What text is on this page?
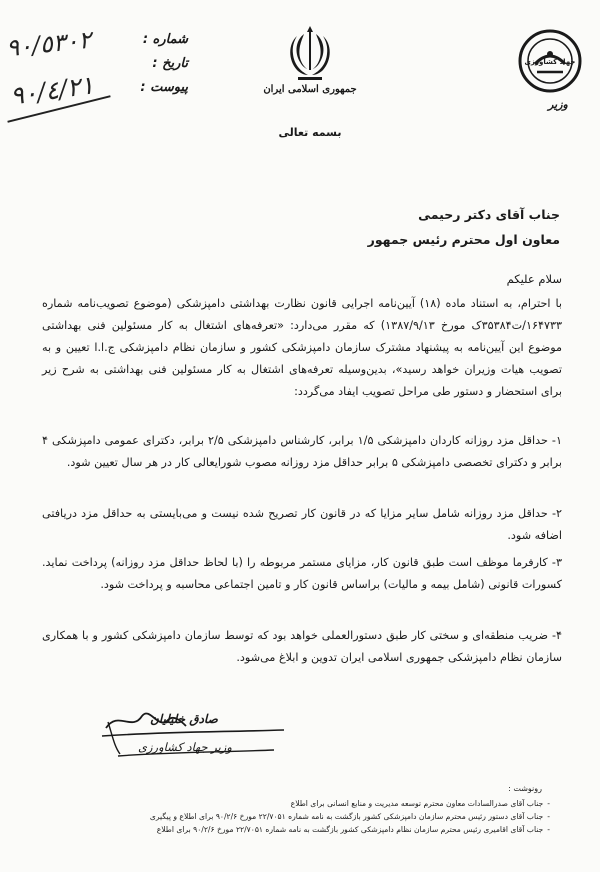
٩٠/٥٣٠٢
٩٠/٤/٢١
شماره :
تاریخ :
پیوست :	جمهوری اسلامی ایران
بسمه تعالی
جهاد کشاورزی
وزیر
جناب آقای دکتر رحیمی
معاون اول محترم رئیس جمهور
سلام علیکم
با احترام، به استناد ماده (۱۸) آیین‌نامه اجرایی قانون نظارت بهداشتی دامپزشکی (موضوع تصویب‌نامه شماره ۱۶۴۷۳۳/ت۳۵۳۸۴ک مورخ ۱۳۸۷/۹/۱۳) که مقرر می‌دارد: «تعرفه‌های اشتغال به کار مسئولین فنی بهداشتی موضوع این آیین‌نامه به پیشنهاد مشترک سازمان دامپزشکی کشور و سازمان نظام دامپزشکی ج.ا.ا تعیین و به تصویب هیات وزیران خواهد رسید»، بدین‌وسیله تعرفه‌های اشتغال به کار مسئولین فنی بهداشتی به شرح زیر برای استحضار و دستور طی مراحل تصویب ایفاد می‌گردد:
۱- حداقل مزد روزانه کاردان دامپزشکی ۱/۵ برابر، کارشناس دامپزشکی ۲/۵ برابر، دکترای عمومی دامپزشکی ۴ برابر و دکترای تخصصی دامپزشکی ۵ برابر حداقل مزد روزانه مصوب شورایعالی کار در هر سال تعیین شود.
۲- حداقل مزد روزانه شامل سایر مزایا که در قانون کار تصریح شده نیست و می‌بایستی به حداقل مزد دریافتی اضافه شود.
۳- کارفرما موظف است طبق قانون کار، مزایای مستمر مربوطه را (با لحاظ حداقل مزد روزانه) پرداخت نماید. کسورات قانونی (شامل بیمه و مالیات) براساس قانون کار و تامین اجتماعی محاسبه و پرداخت شود.
۴- ضریب منطقه‌ای و سختی کار طبق دستورالعملی خواهد بود که توسط سازمان دامپزشکی کشور و با همکاری سازمان نظام دامپزشکی جمهوری اسلامی ایران تدوین و ابلاغ می‌شود.
صادق خلیلیان
وزیر جهاد کشاورزی
رونوشت :
-جناب آقای صدرالسادات معاون محترم توسعه مدیریت و منابع انسانی برای اطلاع
-جناب آقای دستور رئیس محترم سازمان دامپزشکی کشور بازگشت به نامه شماره ۲۲/۷۰۵۱ مورخ ۹۰/۲/۶ برای اطلاع و پیگیری
-جناب آقای اقامیری رئیس محترم سازمان نظام دامپزشکی کشور بازگشت به نامه شماره ۲۲/۷۰۵۱ مورخ ۹۰/۲/۶ برای اطلاع
